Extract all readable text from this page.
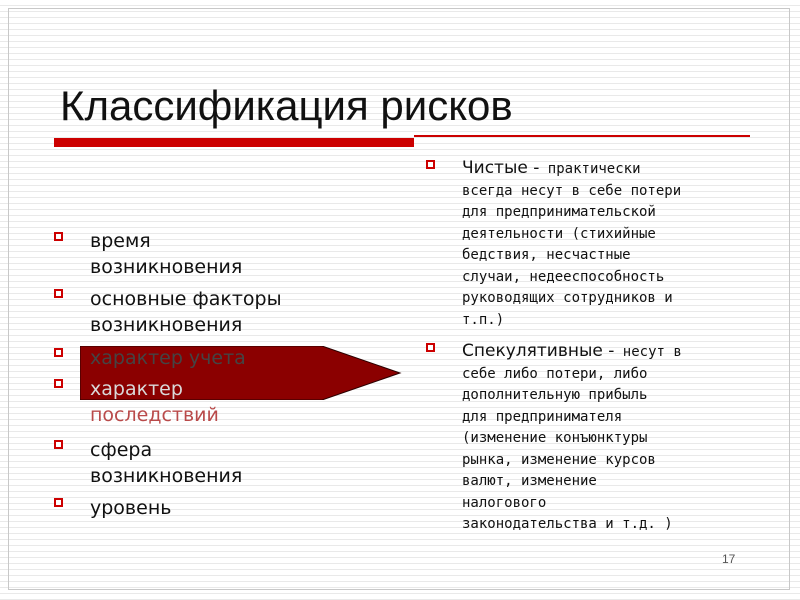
Классификация рисков
время
возникновения
основные факторы
возникновения
характер учета
характер
последствий
сфера
возникновения
уровень
Чистые - практически
всегда несут в себе потери
для предпринимательской
деятельности (стихийные
бедствия, несчастные
случаи, недееспособность
руководящих сотрудников и
т.п.)
Спекулятивные - несут в
себе либо потери, либо
дополнительную прибыль
для предпринимателя
(изменение конъюнктуры
рынка, изменение курсов
валют, изменение
налогового
законодательства и т.д. )
17
